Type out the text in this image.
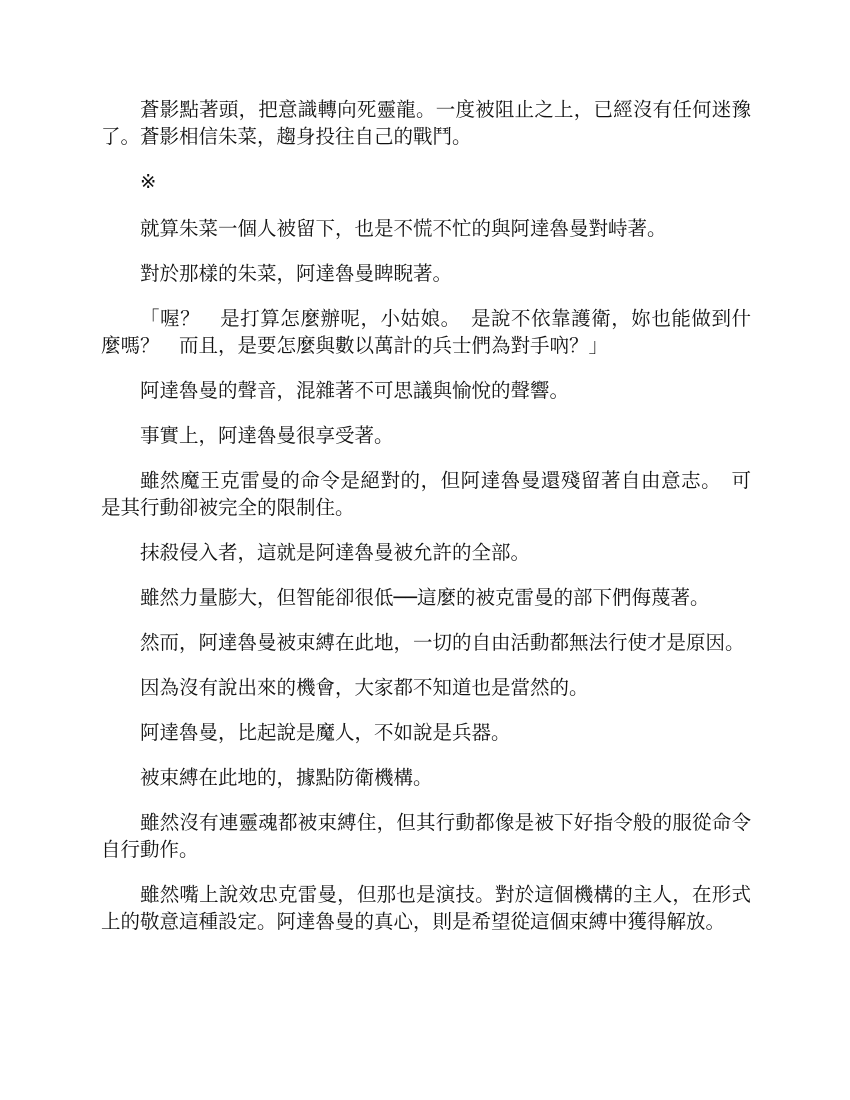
蒼影點著頭，把意識轉向死靈龍。一度被阻止之上，已經沒有任何迷豫了。蒼影相信朱菜，趨身投往自己的戰鬥。

※

就算朱菜一個人被留下，也是不慌不忙的與阿達魯曼對峙著。

對於那樣的朱菜，阿達魯曼睥睨著。

「喔？　是打算怎麼辦呢，小姑娘。　是說不依靠護衛，妳也能做到什麼嗎？　而且，是要怎麼與數以萬計的兵士們為對手吶？」

阿達魯曼的聲音，混雜著不可思議與愉悅的聲響。

事實上，阿達魯曼很享受著。

雖然魔王克雷曼的命令是絕對的，但阿達魯曼還殘留著自由意志。　可是其行動卻被完全的限制住。

抹殺侵入者，這就是阿達魯曼被允許的全部。

雖然力量膨大，但智能卻很低──這麼的被克雷曼的部下們侮蔑著。

然而，阿達魯曼被束縛在此地，一切的自由活動都無法行使才是原因。

因為沒有說出來的機會，大家都不知道也是當然的。

阿達魯曼，比起說是魔人，不如說是兵器。

被束縛在此地的，據點防衛機構。

雖然沒有連靈魂都被束縛住，但其行動都像是被下好指令般的服從命令自行動作。

雖然嘴上說效忠克雷曼，但那也是演技。對於這個機構的主人，在形式上的敬意這種設定。阿達魯曼的真心，則是希望從這個束縛中獲得解放。
